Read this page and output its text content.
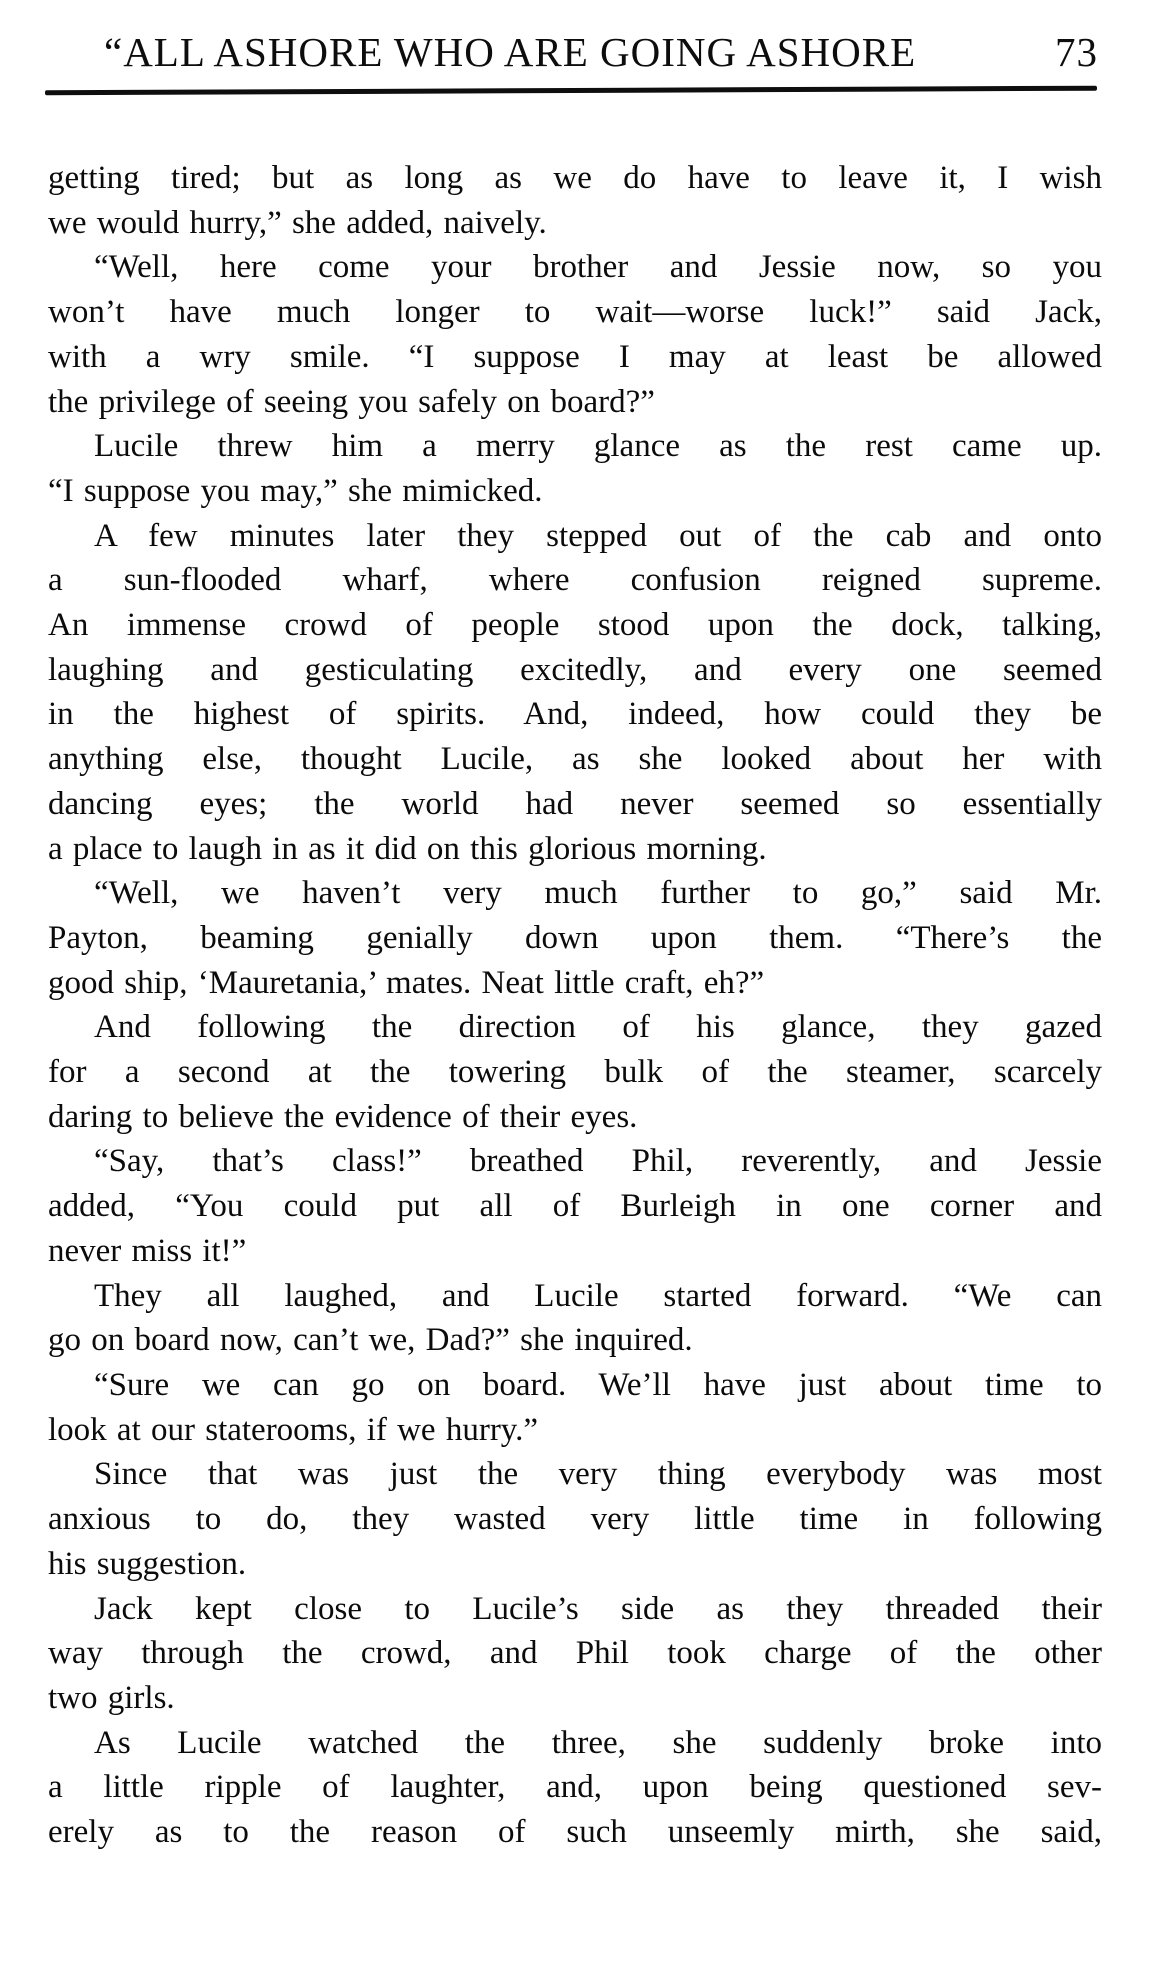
“ALL ASHORE WHO ARE GOING ASHORE	73
getting tired; but as long as we do have to leave it, I wish
we would hurry,” she added, naively.
“Well, here come your brother and Jessie now, so you
won’t have much longer to wait—worse luck!” said Jack,
with a wry smile. “I suppose I may at least be allowed
the privilege of seeing you safely on board?”
Lucile threw him a merry glance as the rest came up.
“I suppose you may,” she mimicked.
A few minutes later they stepped out of the cab and onto
a sun-flooded wharf, where confusion reigned supreme.
An immense crowd of people stood upon the dock, talking,
laughing and gesticulating excitedly, and every one seemed
in the highest of spirits. And, indeed, how could they be
anything else, thought Lucile, as she looked about her with
dancing eyes; the world had never seemed so essentially
a place to laugh in as it did on this glorious morning.
“Well, we haven’t very much further to go,” said Mr.
Payton, beaming genially down upon them. “There’s the
good ship, ‘Mauretania,’ mates. Neat little craft, eh?”
And following the direction of his glance, they gazed
for a second at the towering bulk of the steamer, scarcely
daring to believe the evidence of their eyes.
“Say, that’s class!” breathed Phil, reverently, and Jessie
added, “You could put all of Burleigh in one corner and
never miss it!”
They all laughed, and Lucile started forward. “We can
go on board now, can’t we, Dad?” she inquired.
“Sure we can go on board. We’ll have just about time to
look at our staterooms, if we hurry.”
Since that was just the very thing everybody was most
anxious to do, they wasted very little time in following
his suggestion.
Jack kept close to Lucile’s side as they threaded their
way through the crowd, and Phil took charge of the other
two girls.
As Lucile watched the three, she suddenly broke into
a little ripple of laughter, and, upon being questioned sev-
erely as to the reason of such unseemly mirth, she said,
